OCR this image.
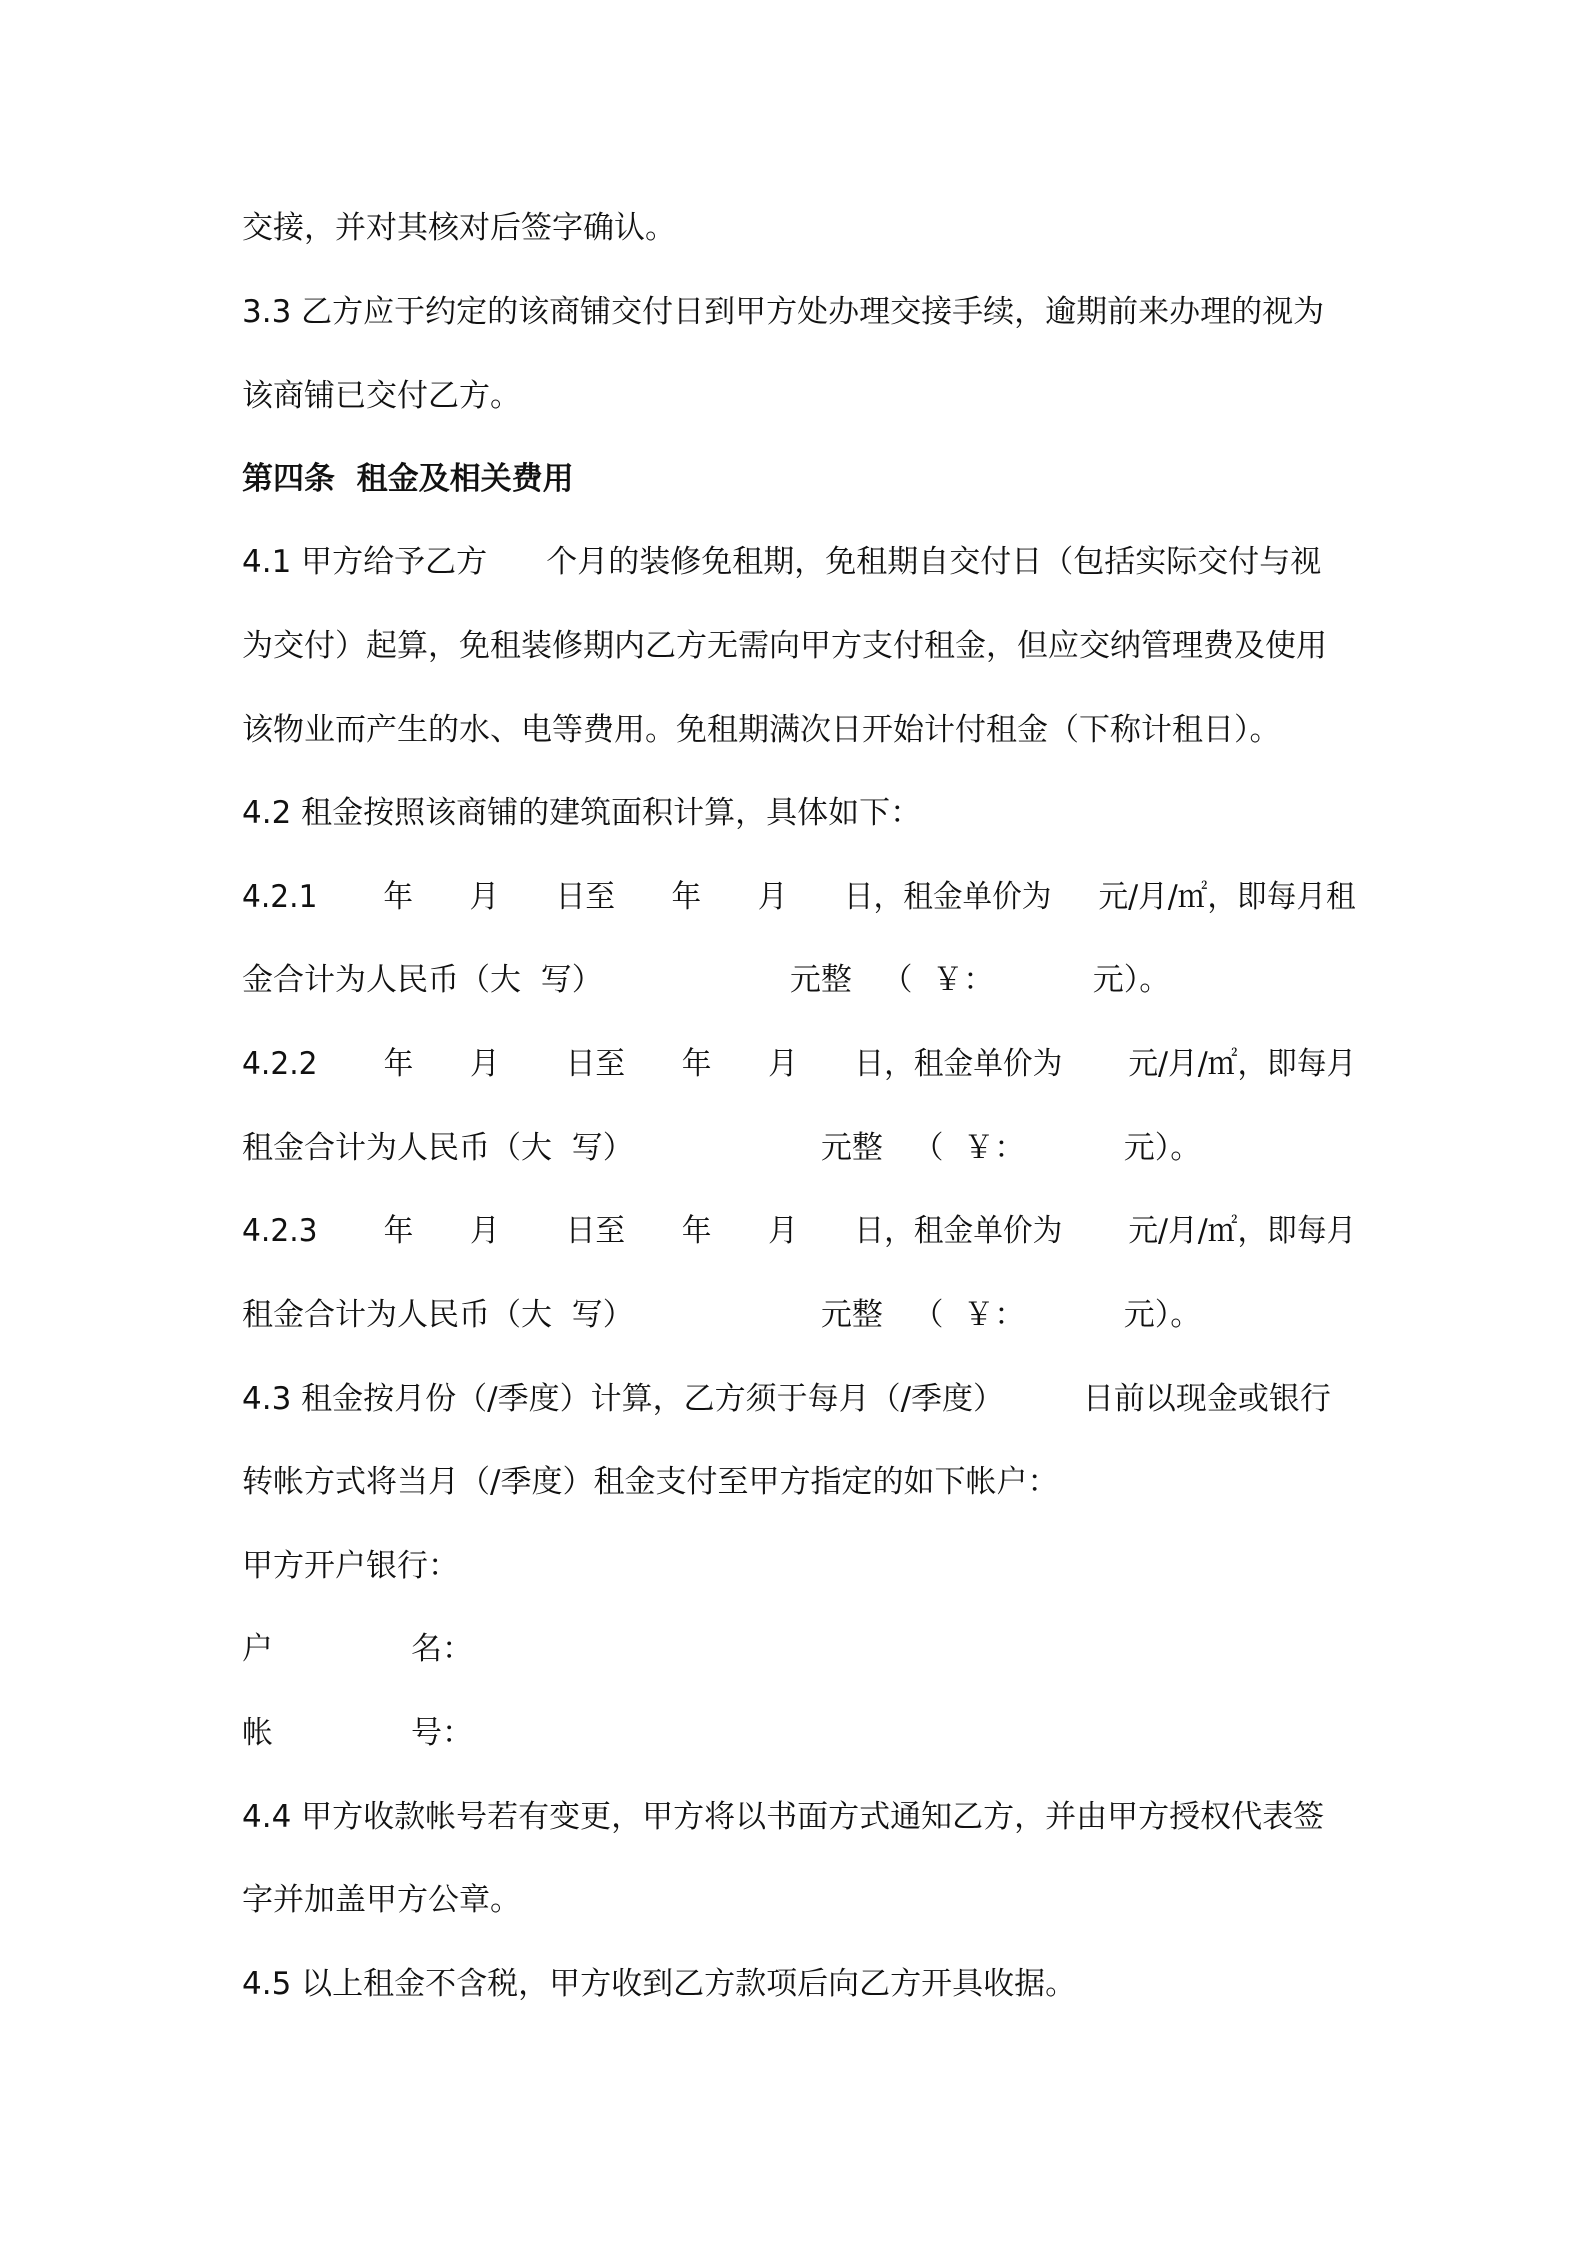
交接，并对其核对后签字确认。
3.3 乙方应于约定的该商铺交付日到甲方处办理交接手续，逾期前来办理的视为
该商铺已交付乙方。
第四条  租金及相关费用
4.1 甲方给予乙方      个月的装修免租期，免租期自交付日（包括实际交付与视
为交付）起算，免租装修期内乙方无需向甲方支付租金，但应交纳管理费及使用
该物业而产生的水、电等费用。免租期满次日开始计付租金（下称计租日）。
4.2 租金按照该商铺的建筑面积计算，具体如下：
4.2.1       年      月      日至      年      月      日，租金单价为     元/月/㎡，即每月租
金合计为人民币（大  写）                   元整   （  ￥：          元）。
4.2.2       年      月       日至      年      月      日，租金单价为       元/月/㎡，即每月
租金合计为人民币（大  写）                   元整   （  ￥：          元）。
4.2.3       年      月       日至      年      月      日，租金单价为       元/月/㎡，即每月
租金合计为人民币（大  写）                   元整   （  ￥：          元）。
4.3 租金按月份（/季度）计算，乙方须于每月（/季度）        日前以现金或银行
转帐方式将当月（/季度）租金支付至甲方指定的如下帐户：
甲方开户银行：
户              名：
帐              号：
4.4 甲方收款帐号若有变更，甲方将以书面方式通知乙方，并由甲方授权代表签
字并加盖甲方公章。
4.5 以上租金不含税，甲方收到乙方款项后向乙方开具收据。
